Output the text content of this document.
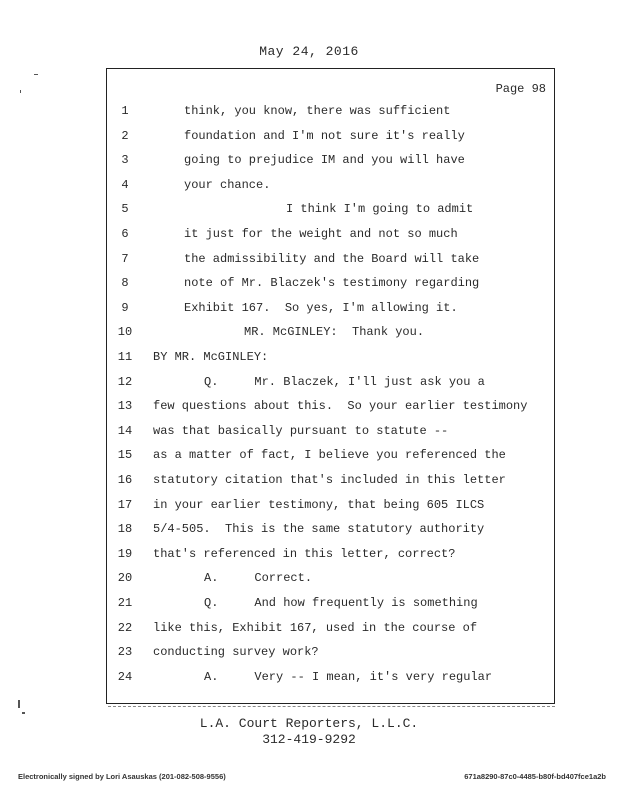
May 24, 2016
Page 98
1	think, you know, there was sufficient
2	foundation and I'm not sure it's really
3	going to prejudice IM and you will have
4	your chance.
5	I think I'm going to admit
6	it just for the weight and not so much
7	the admissibility and the Board will take
8	note of Mr. Blaczek's testimony regarding
9	Exhibit 167.  So yes, I'm allowing it.
10	MR. McGINLEY:  Thank you.
11 BY MR. McGINLEY:
12	Q.     Mr. Blaczek, I'll just ask you a
13 few questions about this.  So your earlier testimony
14 was that basically pursuant to statute --
15 as a matter of fact, I believe you referenced the
16 statutory citation that's included in this letter
17 in your earlier testimony, that being 605 ILCS
18 5/4-505.  This is the same statutory authority
19 that's referenced in this letter, correct?
20	A.     Correct.
21	Q.     And how frequently is something
22 like this, Exhibit 167, used in the course of
23 conducting survey work?
24	A.     Very -- I mean, it's very regular
L.A. Court Reporters, L.L.C.
312-419-9292
Electronically signed by Lori Asauskas (201-082-508-9556)	671a8290-87c0-4485-b80f-bd407fce1a2b
